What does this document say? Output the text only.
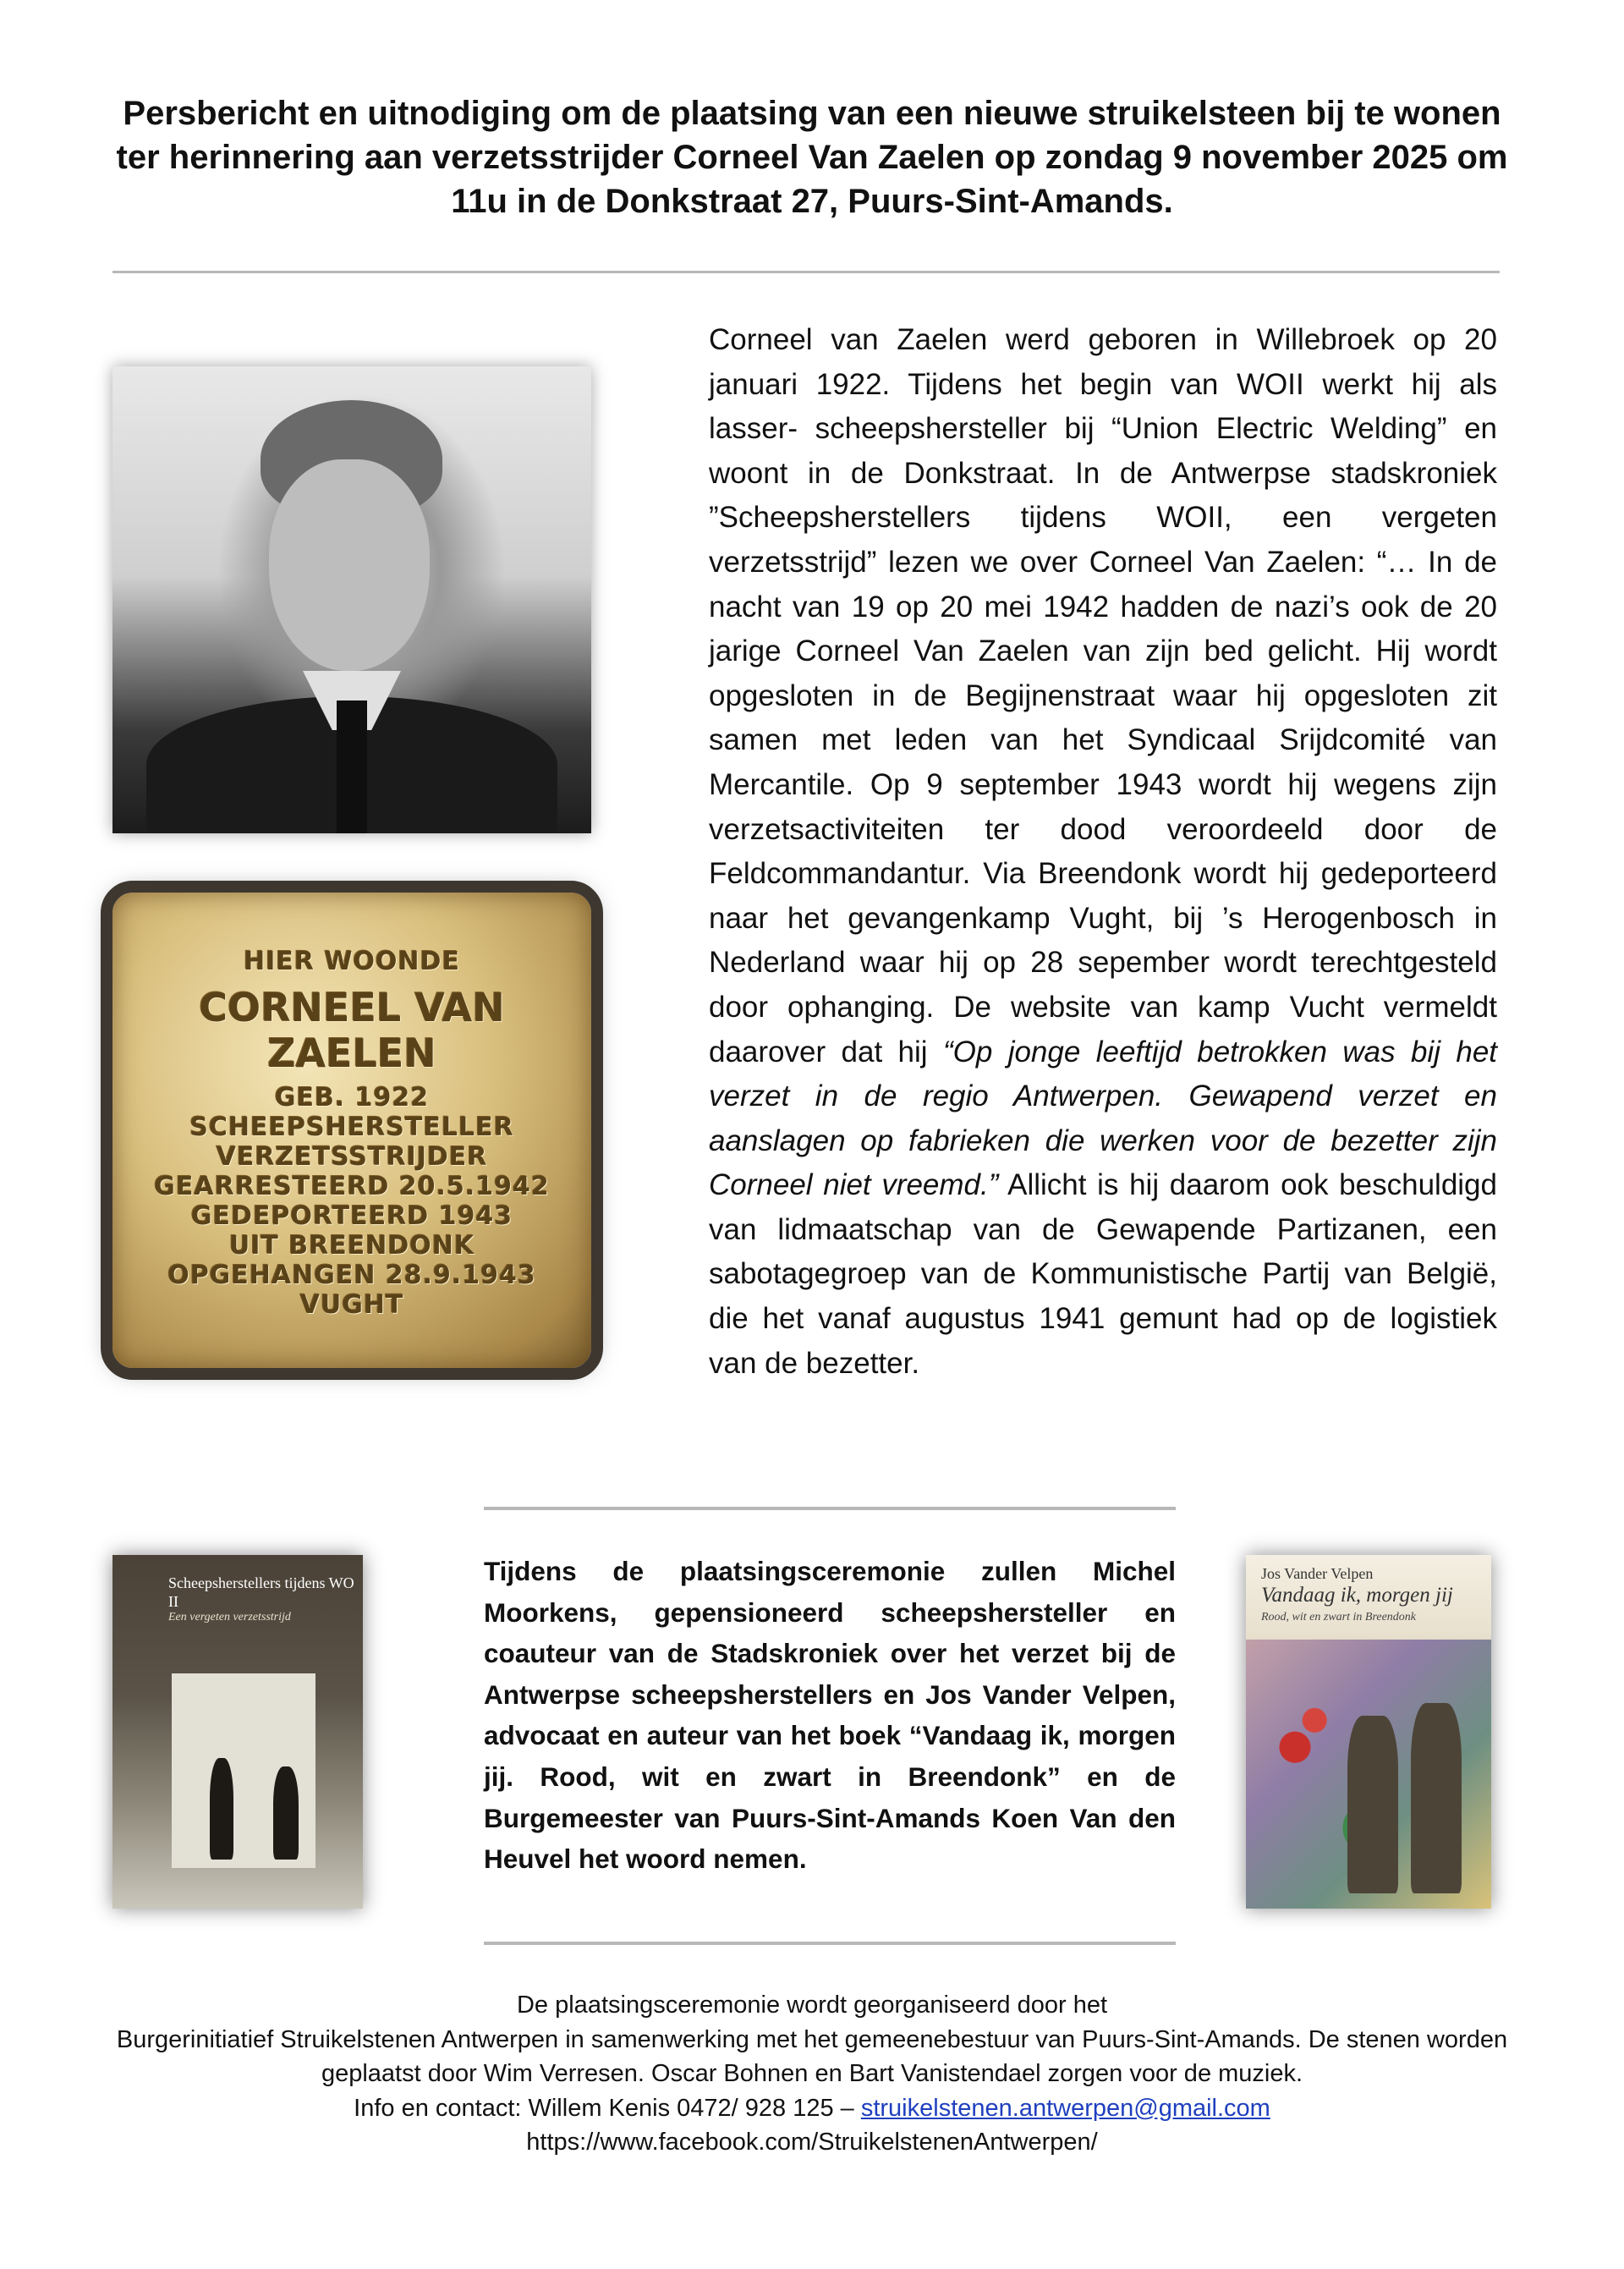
Persbericht en uitnodiging om de plaatsing van een nieuwe struikelsteen bij te wonen ter herinnering aan verzetsstrijder Corneel Van Zaelen op zondag 9 november 2025 om 11u in de Donkstraat 27, Puurs-Sint-Amands.
HIER WOONDE
CORNEEL VAN ZAELEN
GEB. 1922
SCHEEPSHERSTELLER
VERZETSSTRIJDER
GEARRESTEERD 20.5.1942
GEDEPORTEERD 1943
UIT BREENDONK
OPGEHANGEN 28.9.1943
VUGHT
Corneel van Zaelen werd geboren in Willebroek op 20 januari 1922. Tijdens het begin van WOII werkt hij als lasser- scheepshersteller bij “Union Electric Welding” en woont in de Donkstraat. In de Antwerpse stadskroniek ”Scheepsherstellers tijdens WOII, een vergeten verzetsstrijd” lezen we over Corneel Van Zaelen: “… In de nacht van 19 op 20 mei 1942 hadden de nazi’s ook de 20 jarige Corneel Van Zaelen van zijn bed gelicht. Hij wordt opgesloten in de Begijnenstraat waar hij opgesloten zit samen met leden van het Syndicaal Srijdcomité van Mercantile. Op 9 september 1943 wordt hij wegens zijn verzetsactiviteiten ter dood veroordeeld door de Feldcommandantur. Via Breendonk wordt hij gedeporteerd naar het gevangenkamp Vught, bij ’s Herogenbosch in Nederland waar hij op 28 sepember wordt terechtgesteld door ophanging. De website van kamp Vucht vermeldt daarover dat hij “Op jonge leeftijd betrokken was bij het verzet in de regio Antwerpen. Gewapend verzet en aanslagen op fabrieken die werken voor de bezetter zijn Corneel niet vreemd.” Allicht is hij daarom ook beschuldigd van lidmaatschap van de Gewapende Partizanen, een sabotagegroep van de Kommunistische Partij van België, die het vanaf augustus 1941 gemunt had op de logistiek van de bezetter.
Scheepsherstellers tijdens WO II
Een vergeten verzetsstrijd
Tijdens de plaatsingsceremonie zullen Michel Moorkens, gepensioneerd scheepshersteller en coauteur van de Stadskroniek over het verzet bij de Antwerpse scheepsherstellers en Jos Vander Velpen, advocaat en auteur van het boek “Vandaag ik, morgen jij. Rood, wit en zwart in Breendonk” en de Burgemeester van Puurs-Sint-Amands Koen Van den Heuvel het woord nemen.
Jos Vander Velpen
Vandaag ik, morgen jij
Rood, wit en zwart in Breendonk
De plaatsingsceremonie wordt georganiseerd door het
Burgerinitiatief Struikelstenen Antwerpen in samenwerking met het gemeenebestuur van Puurs-Sint-Amands. De stenen worden geplaatst door Wim Verresen. Oscar Bohnen en Bart Vanistendael zorgen voor de muziek.
Info en contact: Willem Kenis 0472/ 928 125 – struikelstenen.antwerpen@gmail.com
https://www.facebook.com/StruikelstenenAntwerpen/
